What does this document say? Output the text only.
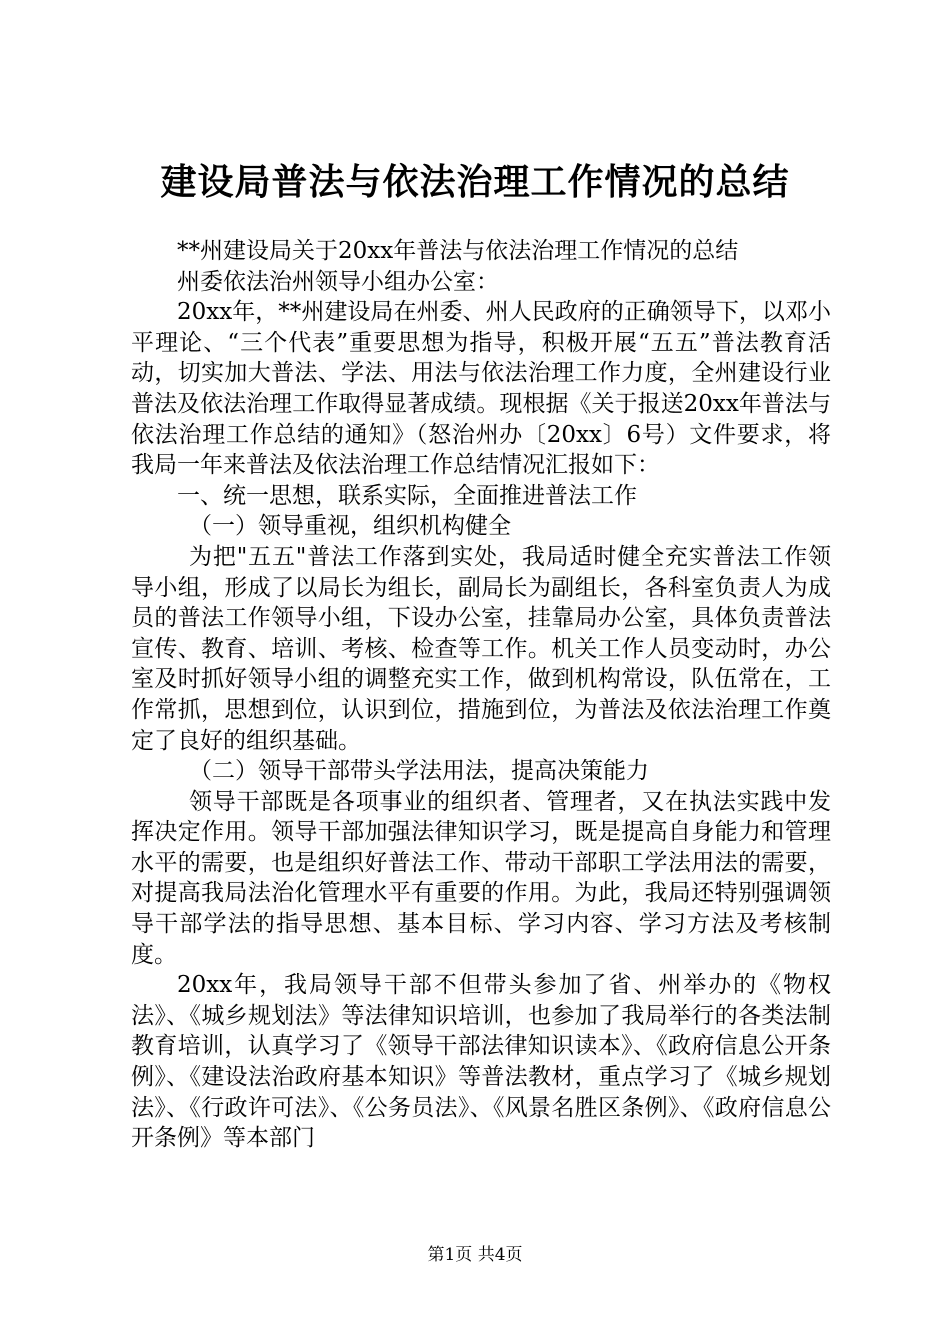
建设局普法与依法治理工作情况的总结

**州建设局关于20xx年普法与依法治理工作情况的总结

州委依法治州领导小组办公室：

20xx年，**州建设局在州委、州人民政府的正确领导下，以邓小平理论、“三个代表”重要思想为指导，积极开展“五五”普法教育活动，切实加大普法、学法、用法与依法治理工作力度，全州建设行业普法及依法治理工作取得显著成绩。现根据《关于报送20xx年普法与依法治理工作总结的通知》（怒治州办〔20xx〕6号）文件要求，将我局一年来普法及依法治理工作总结情况汇报如下：

一、统一思想，联系实际，全面推进普法工作

（一）领导重视，组织机构健全

为把"五五"普法工作落到实处，我局适时健全充实普法工作领导小组，形成了以局长为组长，副局长为副组长，各科室负责人为成员的普法工作领导小组，下设办公室，挂靠局办公室，具体负责普法宣传、教育、培训、考核、检查等工作。机关工作人员变动时，办公室及时抓好领导小组的调整充实工作，做到机构常设，队伍常在，工作常抓，思想到位，认识到位，措施到位，为普法及依法治理工作奠定了良好的组织基础。

（二）领导干部带头学法用法，提高决策能力

领导干部既是各项事业的组织者、管理者，又在执法实践中发挥决定作用。领导干部加强法律知识学习，既是提高自身能力和管理水平的需要，也是组织好普法工作、带动干部职工学法用法的需要，对提高我局法治化管理水平有重要的作用。为此，我局还特别强调领导干部学法的指导思想、基本目标、学习内容、学习方法及考核制度。

20xx年，我局领导干部不但带头参加了省、州举办的《物权法》、《城乡规划法》等法律知识培训，也参加了我局举行的各类法制教育培训，认真学习了《领导干部法律知识读本》、《政府信息公开条例》、《建设法治政府基本知识》等普法教材，重点学习了《城乡规划法》、《行政许可法》、《公务员法》、《风景名胜区条例》、《政府信息公开条例》等本部门

第1页 共4页
